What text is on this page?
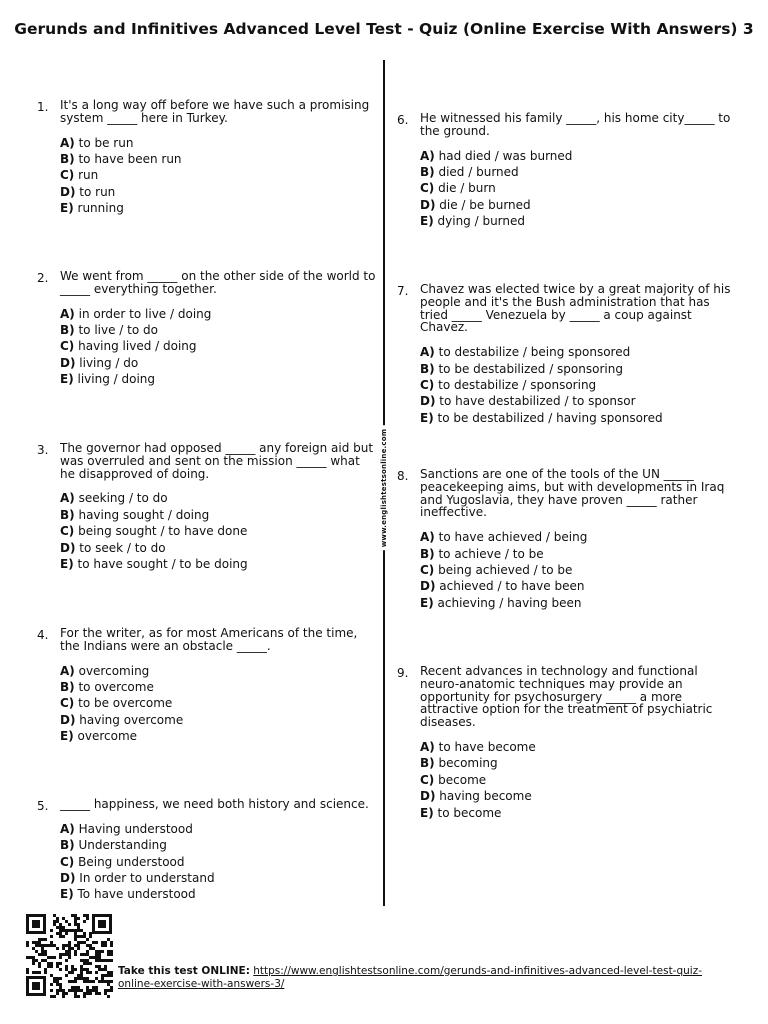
Gerunds and Infinitives Advanced Level Test - Quiz (Online Exercise With Answers) 3
www.englishtestsonline.com
1. It's a long way off before we have such a promising system _____ here in Turkey.

A) to be run
B) to have been run
C) run
D) to run
E) running
2. We went from _____ on the other side of the world to _____ everything together.

A) in order to live / doing
B) to live / to do
C) having lived / doing
D) living / do
E) living / doing
3. The governor had opposed _____ any foreign aid but was overruled and sent on the mission _____ what he disapproved of doing.

A) seeking / to do
B) having sought / doing
C) being sought / to have done
D) to seek / to do
E) to have sought / to be doing
4. For the writer, as for most Americans of the time, the Indians were an obstacle _____.

A) overcoming
B) to overcome
C) to be overcome
D) having overcome
E) overcome
5. _____ happiness, we need both history and science.

A) Having understood
B) Understanding
C) Being understood
D) In order to understand
E) To have understood
6. He witnessed his family _____, his home city_____ to the ground.

A) had died / was burned
B) died / burned
C) die / burn
D) die / be burned
E) dying / burned
7. Chavez was elected twice by a great majority of his people and it's the Bush administration that has tried _____ Venezuela by _____ a coup against Chavez.

A) to destabilize / being sponsored
B) to be destabilized / sponsoring
C) to destabilize / sponsoring
D) to have destabilized / to sponsor
E) to be destabilized / having sponsored
8. Sanctions are one of the tools of the UN _____ peacekeeping aims, but with developments in Iraq and Yugoslavia, they have proven _____ rather ineffective.

A) to have achieved / being
B) to achieve / to be
C) being achieved / to be
D) achieved / to have been
E) achieving / having been
9. Recent advances in technology and functional neuro-anatomic techniques may provide an opportunity for psychosurgery _____ a more attractive option for the treatment of psychiatric diseases.

A) to have become
B) becoming
C) become
D) having become
E) to become
Take this test ONLINE: https://www.englishtestsonline.com/gerunds-and-infinitives-advanced-level-test-quiz-online-exercise-with-answers-3/
